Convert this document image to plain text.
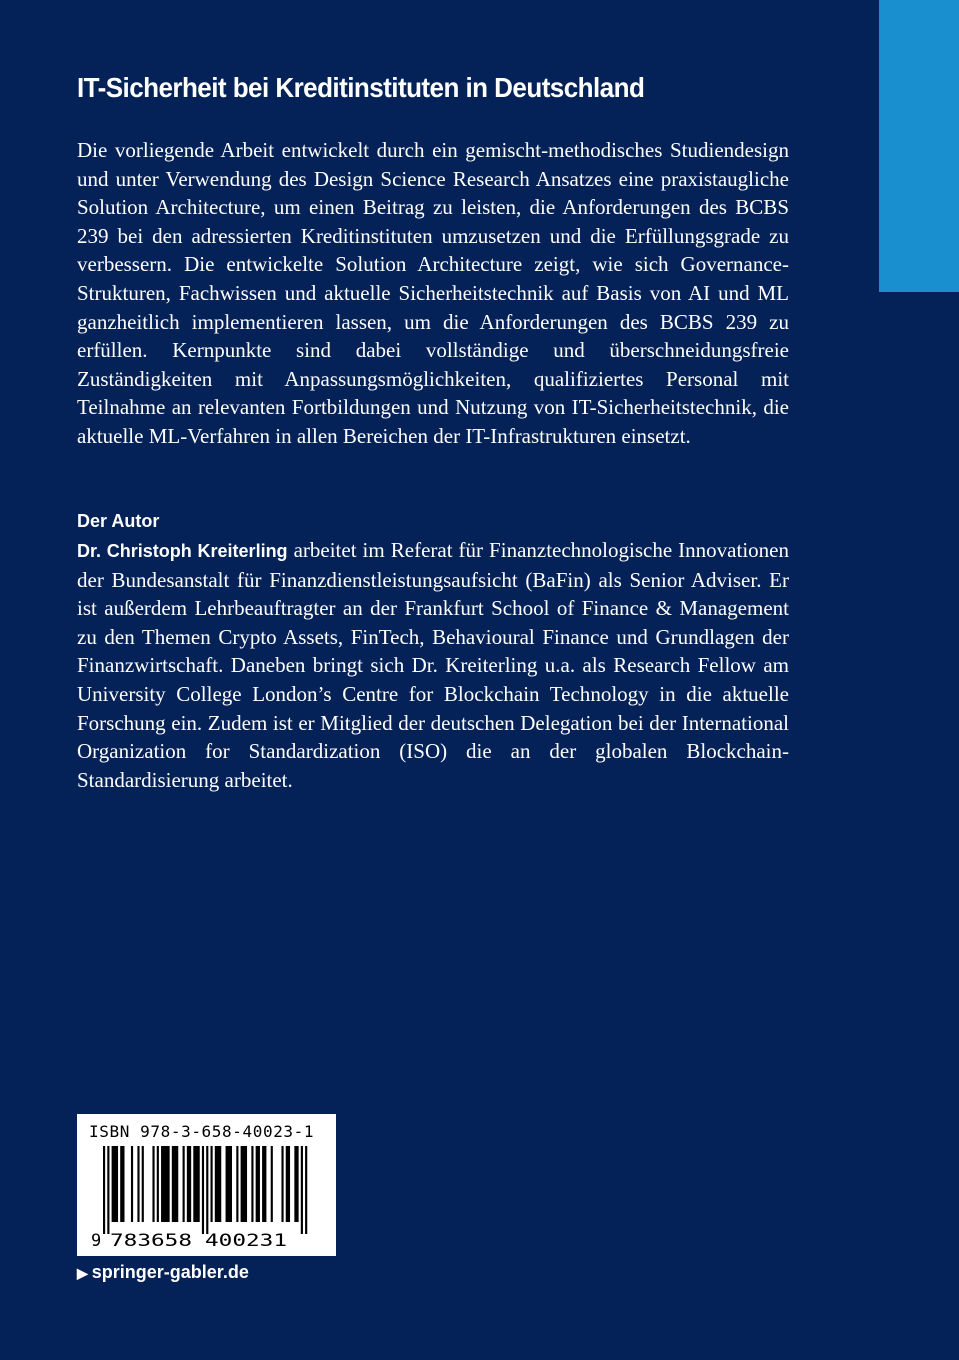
IT-Sicherheit bei Kreditinstituten in Deutschland

Die vorliegende Arbeit entwickelt durch ein gemischt-methodisches Studiendesign und unter Verwendung des Design Science Research Ansatzes eine praxistaugliche Solution Architecture, um einen Beitrag zu leisten, die Anforderungen des BCBS 239 bei den adressierten Kreditinstituten umzusetzen und die Erfüllungsgrade zu verbessern. Die entwickelte Solution Architecture zeigt, wie sich Governance-Strukturen, Fachwissen und aktuelle Sicherheitstechnik auf Basis von AI und ML ganzheitlich implementieren lassen, um die Anforderungen des BCBS 239 zu erfüllen. Kernpunkte sind dabei vollständige und überschneidungsfreie Zuständigkeiten mit Anpassungsmöglichkeiten, qualifiziertes Personal mit Teilnahme an relevanten Fortbildungen und Nutzung von IT-Sicherheitstechnik, die aktuelle ML-Verfahren in allen Bereichen der IT-Infrastrukturen einsetzt.

Der Autor

Dr. Christoph Kreiterling arbeitet im Referat für Finanztechnologische Innovationen der Bundesanstalt für Finanzdienstleistungsaufsicht (BaFin) als Senior Adviser. Er ist außerdem Lehrbeauftragter an der Frankfurt School of Finance & Management zu den Themen Crypto Assets, FinTech, Behavioural Finance und Grundlagen der Finanzwirtschaft. Daneben bringt sich Dr. Kreiterling u.a. als Research Fellow am University College London’s Centre for Blockchain Technology in die aktuelle Forschung ein. Zudem ist er Mitglied der deutschen Delegation bei der International Organization for Standardization (ISO) die an der globalen Blockchain-Standardisierung arbeitet.

ISBN 978-3-658-40023-1
9 783658 400231
▶ springer-gabler.de
